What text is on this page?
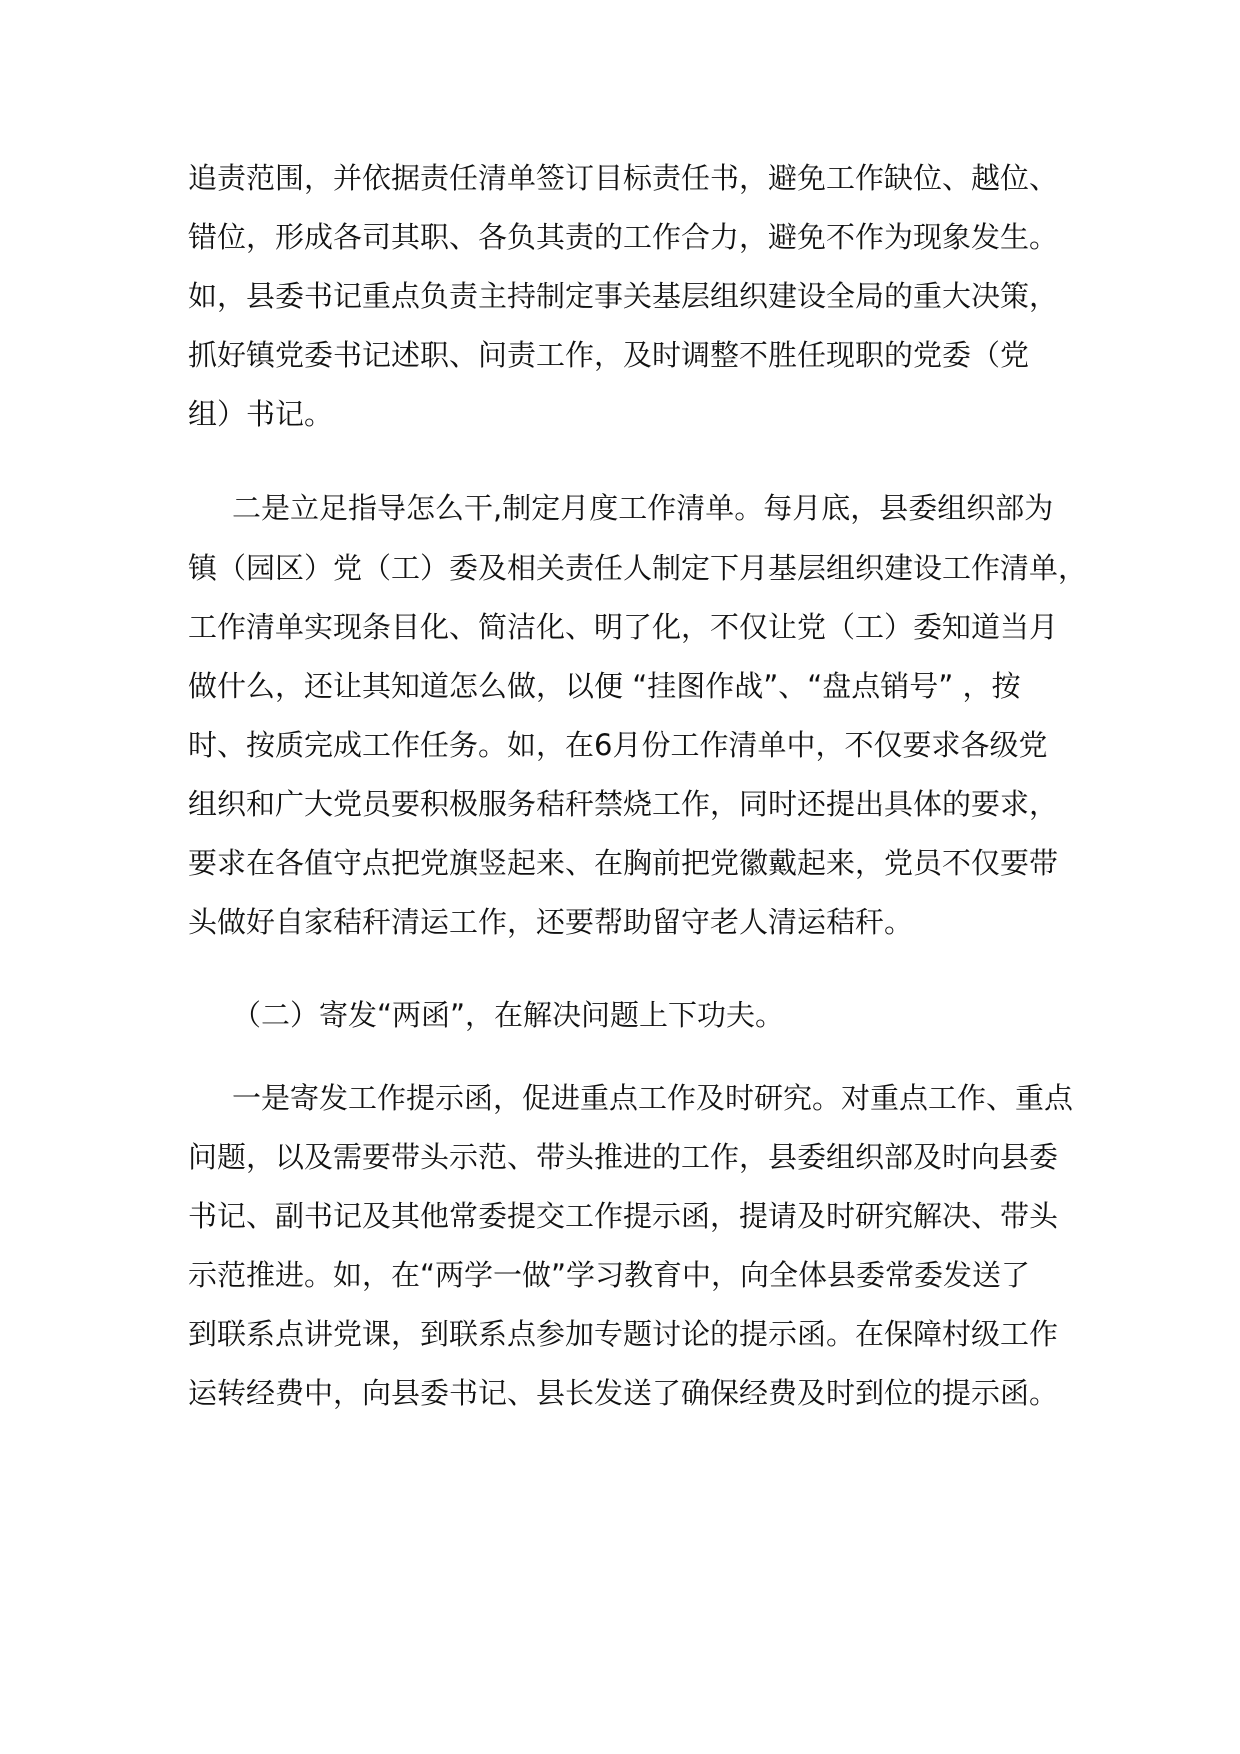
追责范围，并依据责任清单签订目标责任书，避免工作缺位、越位、
错位，形成各司其职、各负其责的工作合力，避免不作为现象发生。
如，县委书记重点负责主持制定事关基层组织建设全局的重大决策，
抓好镇党委书记述职、问责工作，及时调整不胜任现职的党委（党
组）书记。
二是立足指导怎么干,制定月度工作清单。每月底，县委组织部为
镇（园区）党（工）委及相关责任人制定下月基层组织建设工作清单，
工作清单实现条目化、简洁化、明了化，不仅让党（工）委知道当月
做什么，还让其知道怎么做，以便 “挂图作战”、“盘点销号” ，按
时、按质完成工作任务。如，在6月份工作清单中，不仅要求各级党
组织和广大党员要积极服务秸秆禁烧工作，同时还提出具体的要求，
要求在各值守点把党旗竖起来、在胸前把党徽戴起来，党员不仅要带
头做好自家秸秆清运工作，还要帮助留守老人清运秸秆。
（二）寄发“两函”，在解决问题上下功夫。
一是寄发工作提示函，促进重点工作及时研究。对重点工作、重点
问题，以及需要带头示范、带头推进的工作，县委组织部及时向县委
书记、副书记及其他常委提交工作提示函，提请及时研究解决、带头
示范推进。如，在“两学一做”学习教育中，向全体县委常委发送了
到联系点讲党课，到联系点参加专题讨论的提示函。在保障村级工作
运转经费中，向县委书记、县长发送了确保经费及时到位的提示函。
